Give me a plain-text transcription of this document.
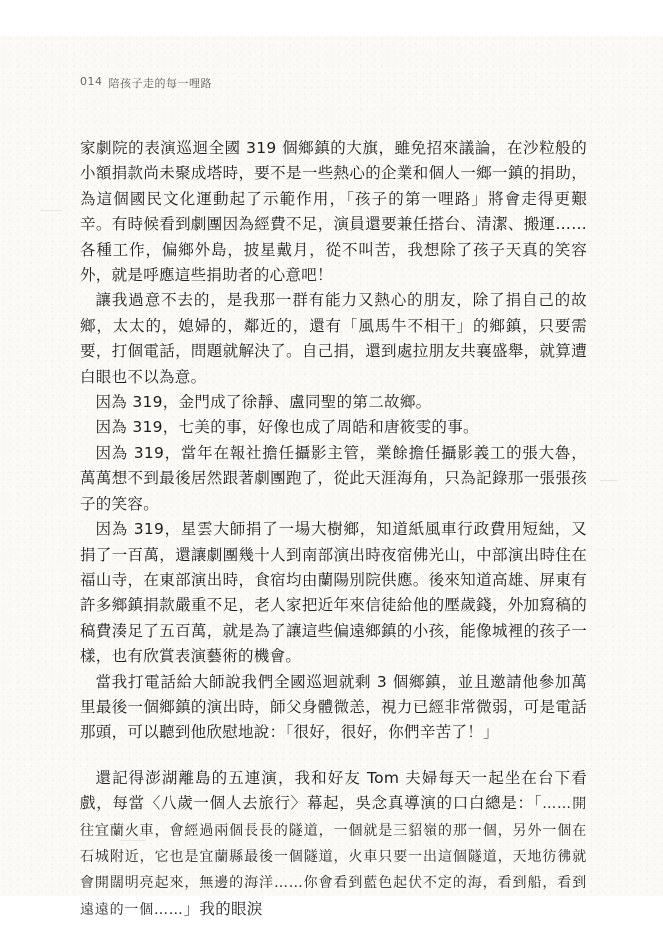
014 陪孩子走的每一哩路

家劇院的表演巡迴全國 319 個鄉鎮的大旗，雖免招來議論，在沙粒般的小額捐款尚未聚成塔時，要不是一些熱心的企業和個人一鄉一鎮的捐助，為這個國民文化運動起了示範作用，「孩子的第一哩路」將會走得更艱辛。有時候看到劇團因為經費不足，演員還要兼任搭台、清潔、搬運……各種工作，偏鄉外島，披星戴月，從不叫苦，我想除了孩子天真的笑容外，就是呼應這些捐助者的心意吧！

讓我過意不去的，是我那一群有能力又熱心的朋友，除了捐自己的故鄉，太太的，媳婦的，鄰近的，還有「風馬牛不相干」的鄉鎮，只要需要，打個電話，問題就解決了。自己捐，還到處拉朋友共襄盛舉，就算遭白眼也不以為意。

因為 319，金門成了徐靜、盧同聖的第二故鄉。

因為 319，七美的事，好像也成了周皓和唐筱雯的事。

因為 319，當年在報社擔任攝影主管，業餘擔任攝影義工的張大魯，萬萬想不到最後居然跟著劇團跑了，從此天涯海角，只為記錄那一張張孩子的笑容。

因為 319，星雲大師捐了一場大樹鄉，知道紙風車行政費用短絀，又捐了一百萬，還讓劇團幾十人到南部演出時夜宿佛光山，中部演出時住在福山寺，在東部演出時，食宿均由蘭陽別院供應。後來知道高雄、屏東有許多鄉鎮捐款嚴重不足，老人家把近年來信徒給他的壓歲錢，外加寫稿的稿費湊足了五百萬，就是為了讓這些偏遠鄉鎮的小孩，能像城裡的孩子一樣，也有欣賞表演藝術的機會。

當我打電話給大師說我們全國巡迴就剩 3 個鄉鎮，並且邀請他參加萬里最後一個鄉鎮的演出時，師父身體微恙，視力已經非常微弱，可是電話那頭，可以聽到他欣慰地說：「很好，很好，你們辛苦了！」

還記得澎湖離島的五連演，我和好友 Tom 夫婦每天一起坐在台下看戲，每當〈八歲一個人去旅行〉幕起，吳念真導演的口白總是：「……開往宜蘭火車，會經過兩個長長的隧道，一個就是三貂嶺的那一個，另外一個在石城附近，它也是宜蘭縣最後一個隧道，火車只要一出這個隧道，天地彷彿就會開闊明亮起來，無邊的海洋……你會看到藍色起伏不定的海，看到船，看到遠遠的一個……」我的眼淚
